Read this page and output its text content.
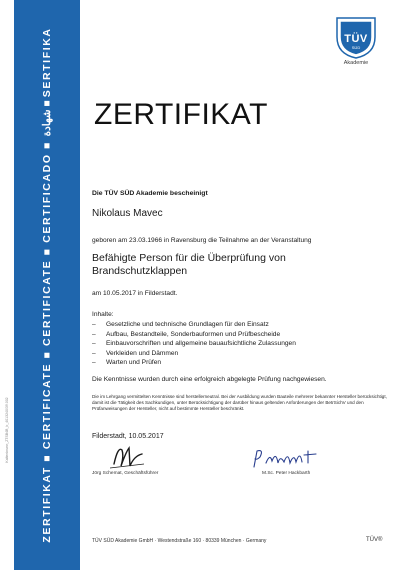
Kaltenbrunn_ZTSB4B_b_4013240/39.002	ZERTIFIKAT ■ CERTIFICATE ■ CERTIFICATE ■ CERTIFICADO ■ شهادة ■ SERTIFIKA	TÜV
SÜD
Akademie
ZERTIFIKAT
Die TÜV SÜD Akademie bescheinigt
Nikolaus Mavec
geboren am 23.03.1966 in Ravensburg die Teilnahme an der Veranstaltung
Befähigte Person für die Überprüfung von Brandschutzklappen
am 10.05.2017 in Filderstadt.
Inhalte:
– Gesetzliche und technische Grundlagen für den Einsatz
– Aufbau, Bestandteile, Sonderbauformen und Prüfbescheide
– Einbauvorschriften und allgemeine bauaufsichtliche Zulassungen
– Verkleiden und Dämmen
– Warten und Prüfen
Die Kenntnisse wurden durch eine erfolgreich abgelegte Prüfung nachgewiesen.
Die im Lehrgang vermittelten Kenntnisse sind herstellerneutral. Bei der Ausbildung wurden Bauteile mehrerer bekannter Hersteller berücksichtigt, damit ist die Tätigkeit des Sachkundigen, unter Berücksichtigung der darüber hinaus geltenden Anforderungen der BetrSichV und den Prüfanweisungen der Hersteller, nicht auf bestimmte Hersteller beschränkt.
Filderstadt, 10.05.2017
Jörg Schemat, Geschäftsführer	M.Sc. Peter Hackbarth
TÜV SÜD Akademie GmbH · Westendstraße 160 · 80339 München · Germany	TÜV®
